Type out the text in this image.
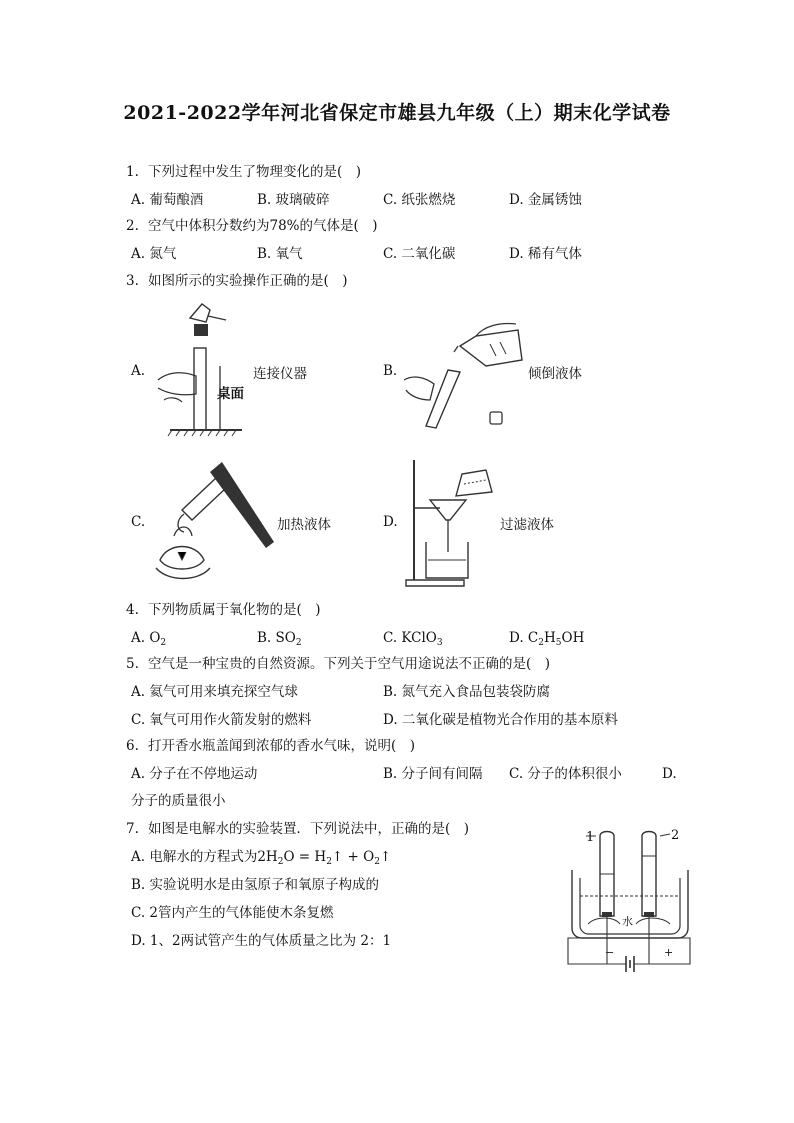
2021-2022学年河北省保定市雄县九年级（上）期末化学试卷
1. 下列过程中发生了物理变化的是(　)
A. 葡萄酿酒	B. 玻璃破碎	C. 纸张燃烧	D. 金属锈蚀
2. 空气中体积分数约为78%的气体是(　)
A. 氮气	B. 氧气	C. 二氧化碳	D. 稀有气体
3. 如图所示的实验操作正确的是(　)
A.
桌面
连接仪器	B.	倾倒液体
C.	加热液体	D.	过滤液体
4. 下列物质属于氧化物的是(　)
A. $O_2$	B. $SO_2$	C. KClO$_3$	D. $C_2H_5OH$
5. 空气是一种宝贵的自然资源。下列关于空气用途说法不正确的是(　)
A. 氦气可用来填充探空气球	B. 氮气充入食品包装袋防腐
C. 氧气可用作火箭发射的燃料	D. 二氧化碳是植物光合作用的基本原料
6. 打开香水瓶盖闻到浓郁的香水气味，说明(　)
A. 分子在不停地运动	B. 分子间有间隔 C. 分子的体积很小	D.
分子的质量很小
7. 如图是电解水的实验装置．下列说法中，正确的是(　)
A. 电解水的方程式为$2H_2O$ = $H_2↑$ + $O_2↑$
B. 实验说明水是由氢原子和氧原子构成的
C. 2管内产生的气体能使木条复燃
D. 1、2两试管产生的气体质量之比为 2：1
1	2
水
−	+
